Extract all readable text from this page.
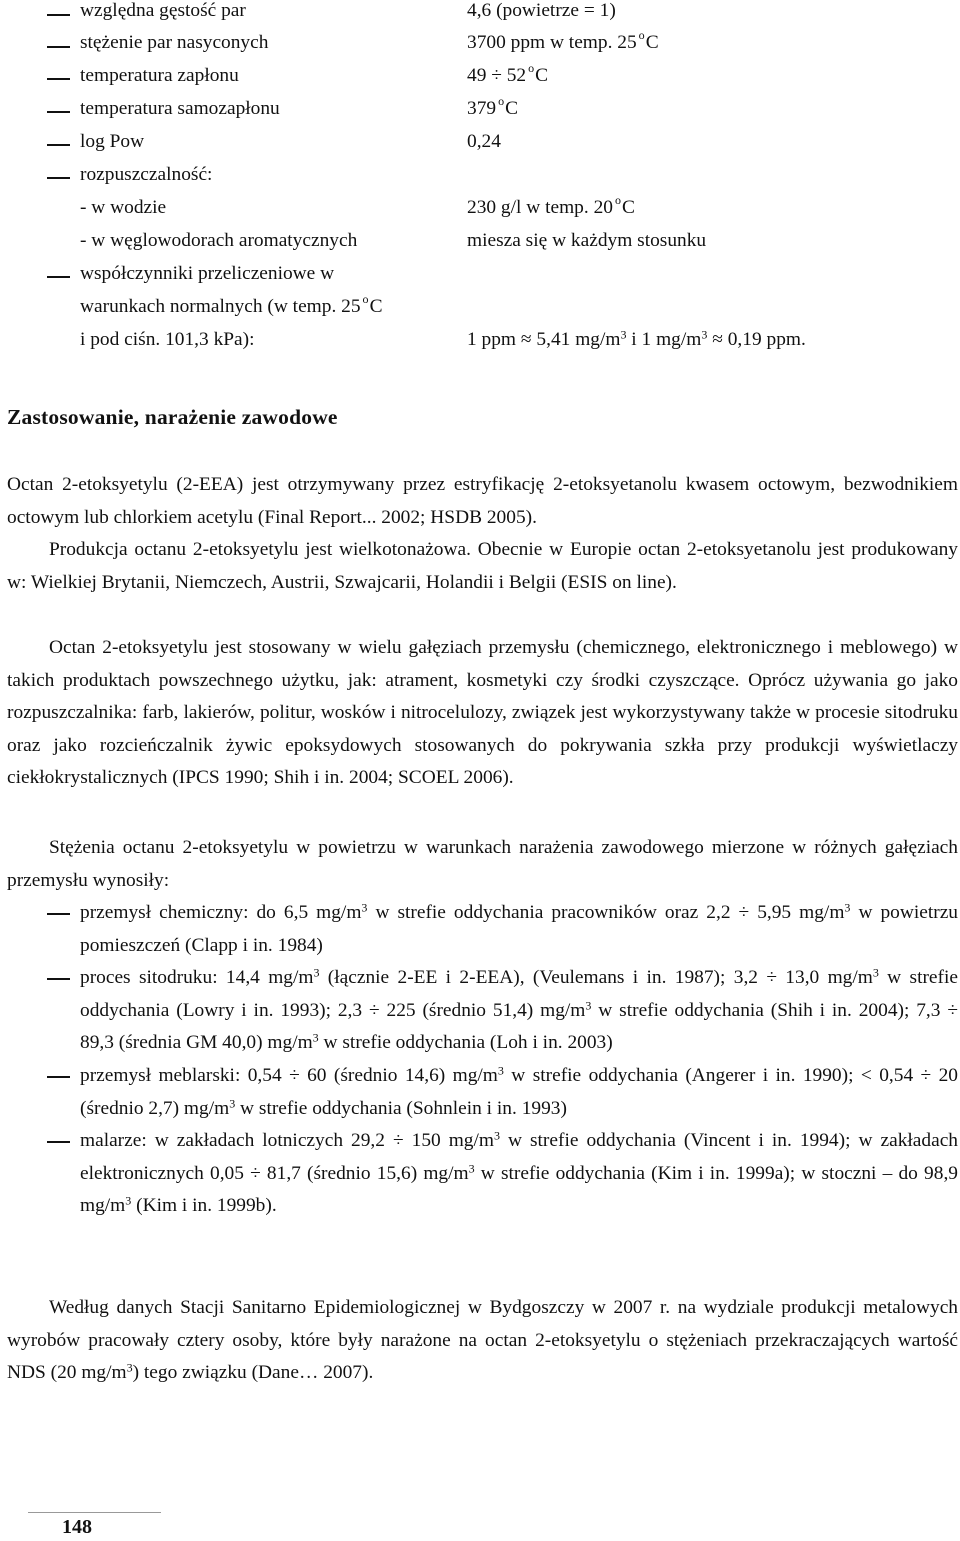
względna gęstość par	4,6 (powietrze = 1)
stężenie par nasyconych	3700 ppm w temp. 25 $^o$C
temperatura zapłonu	49 ÷ 52 $^o$C
temperatura samozapłonu	379 $^o$C
log Pow	0,24
rozpuszczalność:
- w wodzie	230 g/l w temp. 20 $^o$C
- w węglowodorach aromatycznych	miesza się w każdym stosunku
współczynniki przeliczeniowe w
warunkach normalnych (w temp. 25 $^o$C
i pod ciśn. 101,3 kPa):	1 ppm ≈ 5,41 $mg/m^3$ i 1 $mg/m^3 \approx 0,19$ ppm.
Zastosowanie, narażenie zawodowe
Octan 2-etoksyetylu (2-EEA) jest otrzymywany przez estryfikację 2-etoksyetanolu kwasem octowym, bezwodnikiem octowym lub chlorkiem acetylu (Final Report... 2002; HSDB 2005).
Produkcja octanu 2-etoksyetylu jest wielkotonażowa. Obecnie w Europie octan 2-etoksyetanolu jest produkowany w: Wielkiej Brytanii, Niemczech, Austrii, Szwajcarii, Holandii i Belgii (ESIS on line).
Octan 2-etoksyetylu jest stosowany w wielu gałęziach przemysłu (chemicznego, elektronicznego i meblowego) w takich produktach powszechnego użytku, jak: atrament, kosmetyki czy środki czyszczące. Oprócz używania go jako rozpuszczalnika: farb, lakierów, politur, wosków i nitrocelulozy, związek jest wykorzystywany także w procesie sitodruku oraz jako rozcieńczalnik żywic epoksydowych stosowanych do pokrywania szkła przy produkcji wyświetlaczy ciekłokrystalicznych (IPCS 1990; Shih i in. 2004; SCOEL 2006).
Stężenia octanu 2-etoksyetylu w powietrzu w warunkach narażenia zawodowego mierzone w różnych gałęziach przemysłu wynosiły:
przemysł chemiczny: do 6,5 $mg/m^3$ w strefie oddychania pracowników oraz 2,2 ÷ 5,95 $mg/m^3$ w powietrzu pomieszczeń (Clapp i in. 1984)
proces sitodruku: 14,4 $mg/m^3$ (łącznie 2-EE i 2-EEA), (Veulemans i in. 1987); 3,2 ÷ 13,0 $mg/m^3$ w strefie oddychania (Lowry i in. 1993); 2,3 ÷ 225 (średnio 51,4) $mg/m^3$ w strefie oddychania (Shih i in. 2004); 7,3 ÷ 89,3 (średnia GM 40,0) $mg/m^3$ w strefie oddychania (Loh i in. 2003)
przemysł meblarski: 0,54 ÷ 60 (średnio 14,6) $mg/m^3$ w strefie oddychania (Angerer i in. 1990); < 0,54 ÷ 20 (średnio 2,7) $mg/m^3$ w strefie oddychania (Sohnlein i in. 1993)
malarze: w zakładach lotniczych 29,2 ÷ 150 $mg/m^3$ w strefie oddychania (Vincent i in. 1994); w zakładach elektronicznych 0,05 ÷ 81,7 (średnio 15,6) $mg/m^3$ w strefie oddychania (Kim i in. 1999a); w stoczni – do 98,9 $mg/m^3$ (Kim i in. 1999b).
Według danych Stacji Sanitarno Epidemiologicznej w Bydgoszczy w 2007 r. na wydziale produkcji metalowych wyrobów pracowały cztery osoby, które były narażone na octan 2-etoksyetylu o stężeniach przekraczających wartość NDS (20 $mg/m^3$) tego związku (Dane… 2007).
148
